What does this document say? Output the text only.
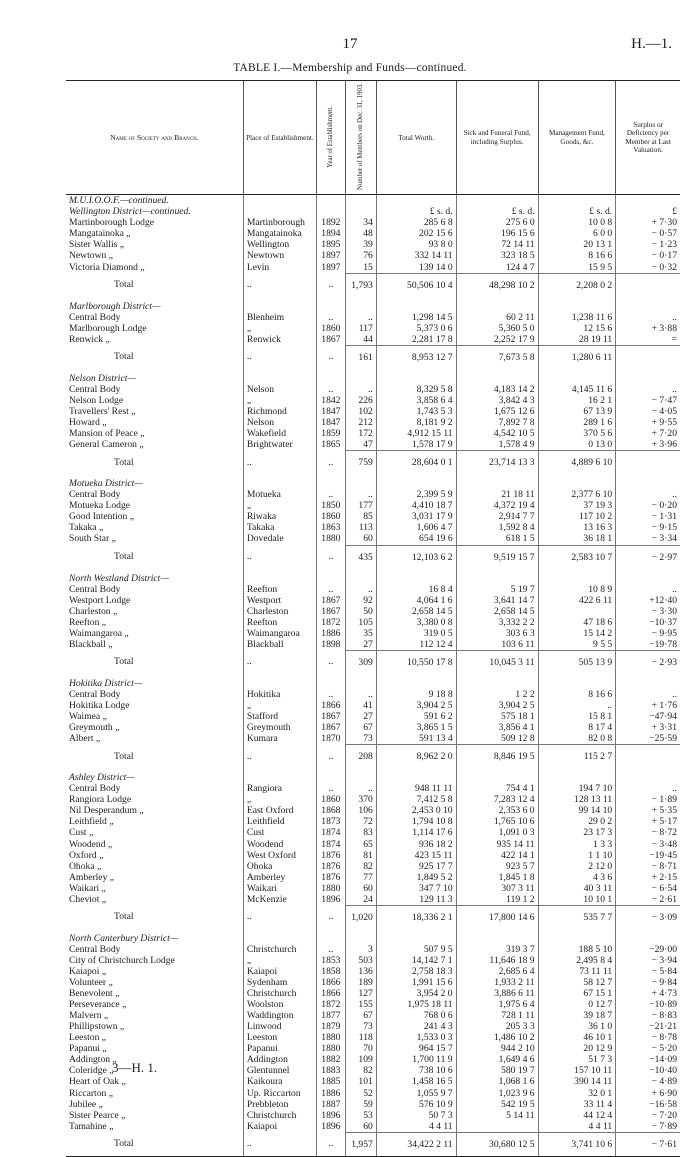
17	H.—1.
TABLE I.—Membership and Funds—continued.
Name of Society and Branch.	Place of Establishment.	Year of Establishment.	Number of Members on Dec. 31, 1903.	Total Worth.	Sick and Funeral Fund, including Surplus.	Management Fund, Goods, &c.	Surplus or Deficiency per Member at Last Valuation.
M.U.I.O.O.F.—continued.							
Wellington District—continued.				£ s. d.	£ s. d.	£ s. d.	£
Martinborough Lodge	Martinborough	1892	34	285 6 8	275 6 0	10 0 8	+ 7·30
Mangatainoka „	Mangatainoka	1894	48	202 15 6	196 15 6	6 0 0	− 0·57
Sister Wallis „	Wellington	1895	39	93 8 0	72 14 11	20 13 1	− 1·23
Newtown „	Newtown	1897	76	332 14 11	323 18 5	8 16 6	− 0·17
Victoria Diamond „	Levin	1897	15	139 14 0	124 4 7	15 9 5	− 0·32
Total	..	..	1,793	50,506 10 4	48,298 10 2	2,208 0 2	

Marlborough District—							
Central Body	Blenheim	..	..	1,298 14 5	60 2 11	1,238 11 6	..
Marlborough Lodge	„	1860	117	5,373 0 6	5,360 5 0	12 15 6	+ 3·88
Renwick „	Renwick	1867	44	2,281 17 8	2,252 17 9	28 19 11	=
Total	..	..	161	8,953 12 7	7,673 5 8	1,280 6 11	

Nelson District—							
Central Body	Nelson	..	..	8,329 5 8	4,183 14 2	4,145 11 6	..
Nelson Lodge	„	1842	226	3,858 6 4	3,842 4 3	16 2 1	− 7·47
Travellers' Rest „	Richmond	1847	102	1,743 5 3	1,675 12 6	67 13 9	− 4·05
Howard „	Nelson	1847	212	8,181 9 2	7,892 7 8	289 1 6	+ 9·55
Mansion of Peace „	Wakefield	1859	172	4,912 15 11	4,542 10 5	370 5 6	+ 7·20
General Cameron „	Brightwater	1865	47	1,578 17 9	1,578 4 9	0 13 0	+ 3·96
Total	..	..	759	28,604 0 1	23,714 13 3	4,889 6 10	

Motueka District—							
Central Body	Motueka	..	..	2,399 5 9	21 18 11	2,377 6 10	..
Motueka Lodge	„	1850	177	4,410 18 7	4,372 19 4	37 19 3	− 0·20
Good Intention „	Riwaka	1860	85	3,031 17 9	2,914 7 7	117 10 2	− 1·31
Takaka „	Takaka	1863	113	1,606 4 7	1,592 8 4	13 16 3	− 9·15
South Star „	Dovedale	1880	60	654 19 6	618 1 5	36 18 1	− 3·34
Total	..	..	435	12,103 6 2	9,519 15 7	2,583 10 7	− 2·97

North Westland District—							
Central Body	Reefton	..	..	16 8 4	5 19 7	10 8 9	..
Westport Lodge	Westport	1867	92	4,064 1 6	3,641 14 7	422 6 11	+12·40
Charleston „	Charleston	1867	50	2,658 14 5	2,658 14 5		− 3·30
Reefton „	Reefton	1872	105	3,380 0 8	3,332 2 2	47 18 6	−10·37
Waimangaroa „	Waimangaroa	1886	35	319 0 5	303 6 3	15 14 2	− 9·95
Blackball „	Blackball	1898	27	112 12 4	103 6 11	9 5 5	−19·78
Total	..	..	309	10,550 17 8	10,045 3 11	505 13 9	− 2·93

Hokitika District—							
Central Body	Hokitika	..	..	9 18 8	1 2 2	8 16 6	..
Hokitika Lodge	„	1866	41	3,904 2 5	3,904 2 5	..	+ 1·76
Waimea „	Stafford	1867	27	591 6 2	575 18 1	15 8 1	−47·94
Greymouth „	Greymouth	1867	67	3,865 1 5	3,856 4 1	8 17 4	+ 3·31
Albert „	Kumara	1870	73	591 13 4	509 12 8	82 0 8	−25·59
Total	..	..	208	8,962 2 0	8,846 19 5	115 2 7	

Ashley District—							
Central Body	Rangiora	..	..	948 11 11	754 4 1	194 7 10	..
Rangiora Lodge	„	1860	370	7,412 5 8	7,283 12 4	128 13 11	− 1·89
Nil Desperandum „	East Oxford	1868	106	2,453 0 10	2,353 6 0	99 14 10	+ 5·35
Leithfield „	Leithfield	1873	72	1,794 10 8	1,765 10 6	29 0 2	+ 5·17
Cust „	Cust	1874	83	1,114 17 6	1,091 0 3	23 17 3	− 8·72
Woodend „	Woodend	1874	65	936 18 2	935 14 11	1 3 3	− 3·48
Oxford „	West Oxford	1876	81	423 15 11	422 14 1	1 1 10	−19·45
Ohoka „	Ohoka	1876	82	925 17 7	923 5 7	2 12 0	− 8·71
Amberley „	Amberley	1876	77	1,849 5 2	1,845 1 8	4 3 6	+ 2·15
Waikari „	Waikari	1880	60	347 7 10	307 3 11	40 3 11	− 6·54
Cheviot „	McKenzie	1896	24	129 11 3	119 1 2	10 10 1	− 2·61
Total	..	..	1,020	18,336 2 1	17,800 14 6	535 7 7	− 3·09

North Canterbury District—							
Central Body	Christchurch	..	3	507 9 5	319 3 7	188 5 10	−29·00
City of Christchurch Lodge	„	1853	503	14,142 7 1	11,646 18 9	2,495 8 4	− 3·94
Kaiapoi „	Kaiapoi	1858	136	2,758 18 3	2,685 6 4	73 11 11	− 5·84
Volunteer „	Sydenham	1866	189	1,991 15 6	1,933 2 11	58 12 7	− 9·84
Benevolent „	Christchurch	1866	127	3,954 2 0	3,886 6 11	67 15 1	+ 4·73
Perseverance „	Woolston	1872	155	1,975 18 11	1,975 6 4	0 12 7	−10·89
Malvern „	Waddington	1877	67	768 0 6	728 1 11	39 18 7	− 8·83
Phillipstown „	Linwood	1879	73	241 4 3	205 3 3	36 1 0	−21·21
Leeston „	Leeston	1880	118	1,533 0 3	1,486 10 2	46 10 1	− 8·78
Papanui „	Papanui	1880	70	964 15 7	944 2 10	20 12 9	− 5·20
Addington „	Addington	1882	109	1,700 11 9	1,649 4 6	51 7 3	−14·09
Coleridge „	Glentunnel	1883	82	738 10 6	580 19 7	157 10 11	−10·40
Heart of Oak „	Kaikoura	1885	101	1,458 16 5	1,068 1 6	390 14 11	− 4·89
Riccarton „	Up. Riccarton	1886	52	1,055 9 7	1,023 9 6	32 0 1	+ 6·90
Jubilee „	Prebbleton	1887	59	576 10 9	542 19 5	33 11 4	−16·58
Sister Pearce „	Christchurch	1896	53	50 7 3	5 14 11	44 12 4	− 7·20
Tamahine „	Kaiapoi	1896	60	4 4 11		4 4 11	− 7·89
Total	..	..	1,957	34,422 2 11	30,680 12 5	3,741 10 6	− 7·61
3—H. 1.
